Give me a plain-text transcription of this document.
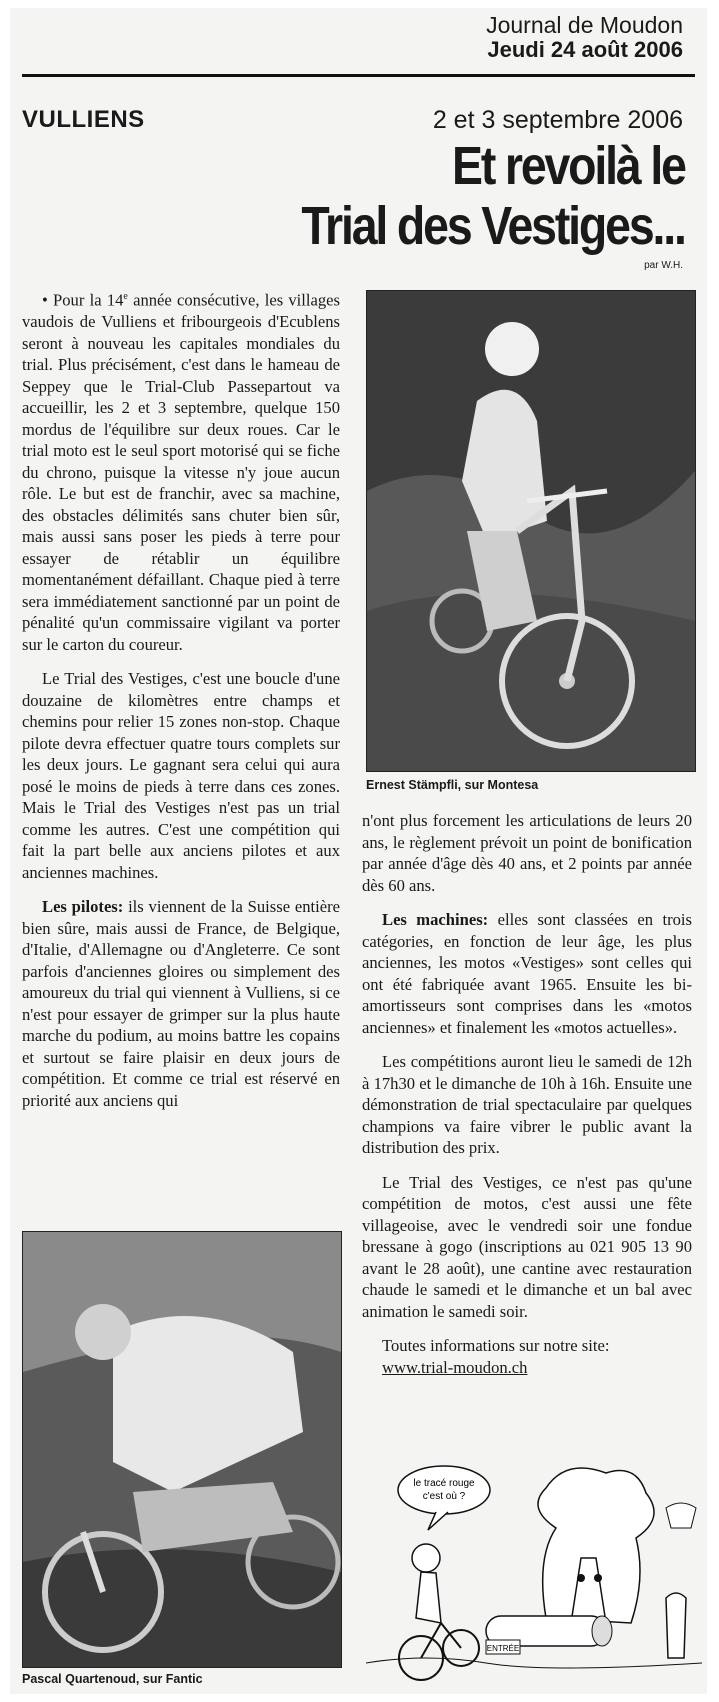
Journal de Moudon
Jeudi 24 août 2006
VULLIENS	2 et 3 septembre 2006
Et revoilà le
Trial des Vestiges...
par W.H.

• Pour la 14e année consécutive, les villages vaudois de Vulliens et fribourgeois d'Ecublens seront à nouveau les capitales mondiales du trial. Plus précisément, c'est dans le hameau de Seppey que le Trial-Club Passepartout va accueillir, les 2 et 3 septembre, quelque 150 mordus de l'équilibre sur deux roues. Car le trial moto est le seul sport motorisé qui se fiche du chrono, puisque la vitesse n'y joue aucun rôle. Le but est de franchir, avec sa machine, des obstacles délimités sans chuter bien sûr, mais aussi sans poser les pieds à terre pour essayer de rétablir un équilibre momentanément défaillant. Chaque pied à terre sera immédiatement sanctionné par un point de pénalité qu'un commissaire vigilant va porter sur le carton du coureur.

Le Trial des Vestiges, c'est une boucle d'une douzaine de kilomètres entre champs et chemins pour relier 15 zones non-stop. Chaque pilote devra effectuer quatre tours complets sur les deux jours. Le gagnant sera celui qui aura posé le moins de pieds à terre dans ces zones. Mais le Trial des Vestiges n'est pas un trial comme les autres. C'est une compétition qui fait la part belle aux anciens pilotes et aux anciennes machines.

Les pilotes: ils viennent de la Suisse entière bien sûre, mais aussi de France, de Belgique, d'Italie, d'Allemagne ou d'Angleterre. Ce sont parfois d'anciennes gloires ou simplement des amoureux du trial qui viennent à Vulliens, si ce n'est pour essayer de grimper sur la plus haute marche du podium, au moins battre les copains et surtout se faire plaisir en deux jours de compétition. Et comme ce trial est réservé en priorité aux anciens qui

Ernest Stämpfli, sur Montesa

n'ont plus forcement les articulations de leurs 20 ans, le règlement prévoit un point de bonification par année d'âge dès 40 ans, et 2 points par année dès 60 ans.

Les machines: elles sont classées en trois catégories, en fonction de leur âge, les plus anciennes, les motos «Vestiges» sont celles qui ont été fabriquée avant 1965. Ensuite les bi-amortisseurs sont comprises dans les «motos anciennes» et finalement les «motos actuelles».

Les compétitions auront lieu le samedi de 12h à 17h30 et le dimanche de 10h à 16h. Ensuite une démonstration de trial spectaculaire par quelques champions va faire vibrer le public avant la distribution des prix.

Le Trial des Vestiges, ce n'est pas qu'une compétition de motos, c'est aussi une fête villageoise, avec le vendredi soir une fondue bressane à gogo (inscriptions au 021 905 13 90 avant le 28 août), une cantine avec restauration chaude le samedi et le dimanche et un bal avec animation le samedi soir.

Toutes informations sur notre site:

www.trial-moudon.ch
Pascal Quartenoud, sur Fantic
le tracé rouge
c'est où ?
ENTRÉE
